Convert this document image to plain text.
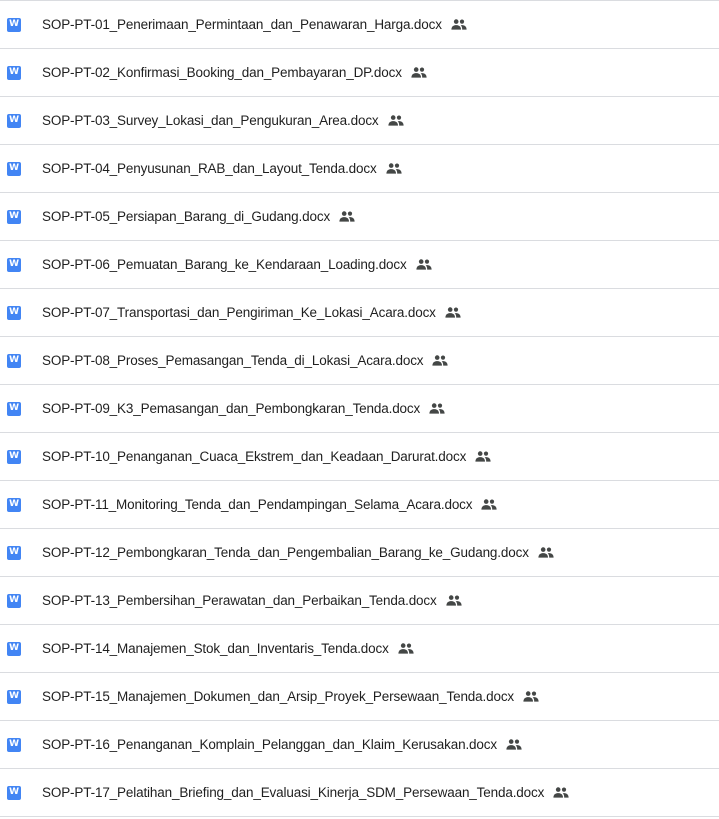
W SOP-PT-01_Penerimaan_Permintaan_dan_Penawaran_Harga.docx
W SOP-PT-02_Konfirmasi_Booking_dan_Pembayaran_DP.docx
W SOP-PT-03_Survey_Lokasi_dan_Pengukuran_Area.docx
W SOP-PT-04_Penyusunan_RAB_dan_Layout_Tenda.docx
W SOP-PT-05_Persiapan_Barang_di_Gudang.docx
W SOP-PT-06_Pemuatan_Barang_ke_Kendaraan_Loading.docx
W SOP-PT-07_Transportasi_dan_Pengiriman_Ke_Lokasi_Acara.docx
W SOP-PT-08_Proses_Pemasangan_Tenda_di_Lokasi_Acara.docx
W SOP-PT-09_K3_Pemasangan_dan_Pembongkaran_Tenda.docx
W SOP-PT-10_Penanganan_Cuaca_Ekstrem_dan_Keadaan_Darurat.docx
W SOP-PT-11_Monitoring_Tenda_dan_Pendampingan_Selama_Acara.docx
W SOP-PT-12_Pembongkaran_Tenda_dan_Pengembalian_Barang_ke_Gudang.docx
W SOP-PT-13_Pembersihan_Perawatan_dan_Perbaikan_Tenda.docx
W SOP-PT-14_Manajemen_Stok_dan_Inventaris_Tenda.docx
W SOP-PT-15_Manajemen_Dokumen_dan_Arsip_Proyek_Persewaan_Tenda.docx
W SOP-PT-16_Penanganan_Komplain_Pelanggan_dan_Klaim_Kerusakan.docx
W SOP-PT-17_Pelatihan_Briefing_dan_Evaluasi_Kinerja_SDM_Persewaan_Tenda.docx
